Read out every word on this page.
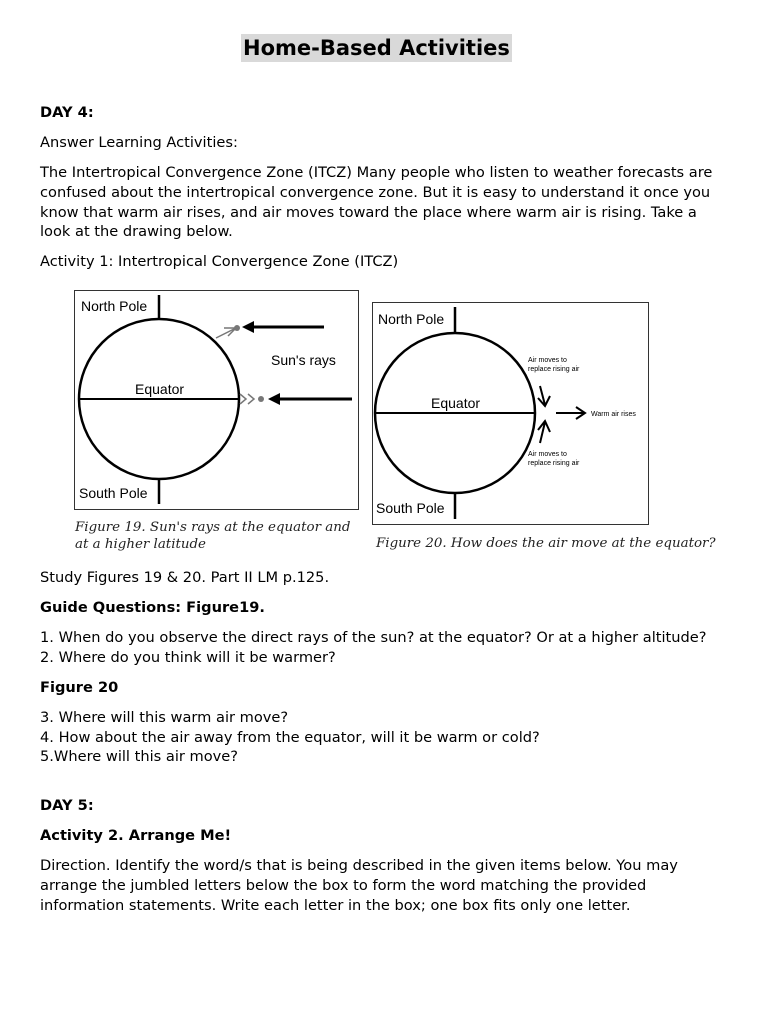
Home-Based Activities

DAY 4:

Answer Learning Activities:

The Intertropical Convergence Zone (ITCZ) Many people who listen to weather forecasts are confused about the intertropical convergence zone. But it is easy to understand it once you know that warm air rises, and air moves toward the place where warm air is rising. Take a look at the drawing below.

Activity 1: Intertropical Convergence Zone (ITCZ)

North Pole
South Pole
Equator
Sun's rays
Figure 19. Sun's rays at the equator and
at a higher latitude
North Pole
South Pole
Equator
Air moves to
replace rising air
Air moves to
replace rising air
Warm air rises
Figure 20. How does the air move at the equator?

Study Figures 19 & 20. Part II LM p.125.

Guide Questions: Figure19.

1. When do you observe the direct rays of the sun? at the equator? Or at a higher altitude?

2. Where do you think will it be warmer?

Figure 20

3. Where will this warm air move?

4. How about the air away from the equator, will it be warm or cold?

5.Where will this air move?

DAY 5:

Activity 2. Arrange Me!

Direction. Identify the word/s that is being described in the given items below. You may arrange the jumbled letters below the box to form the word matching the provided information statements. Write each letter in the box; one box fits only one letter.
